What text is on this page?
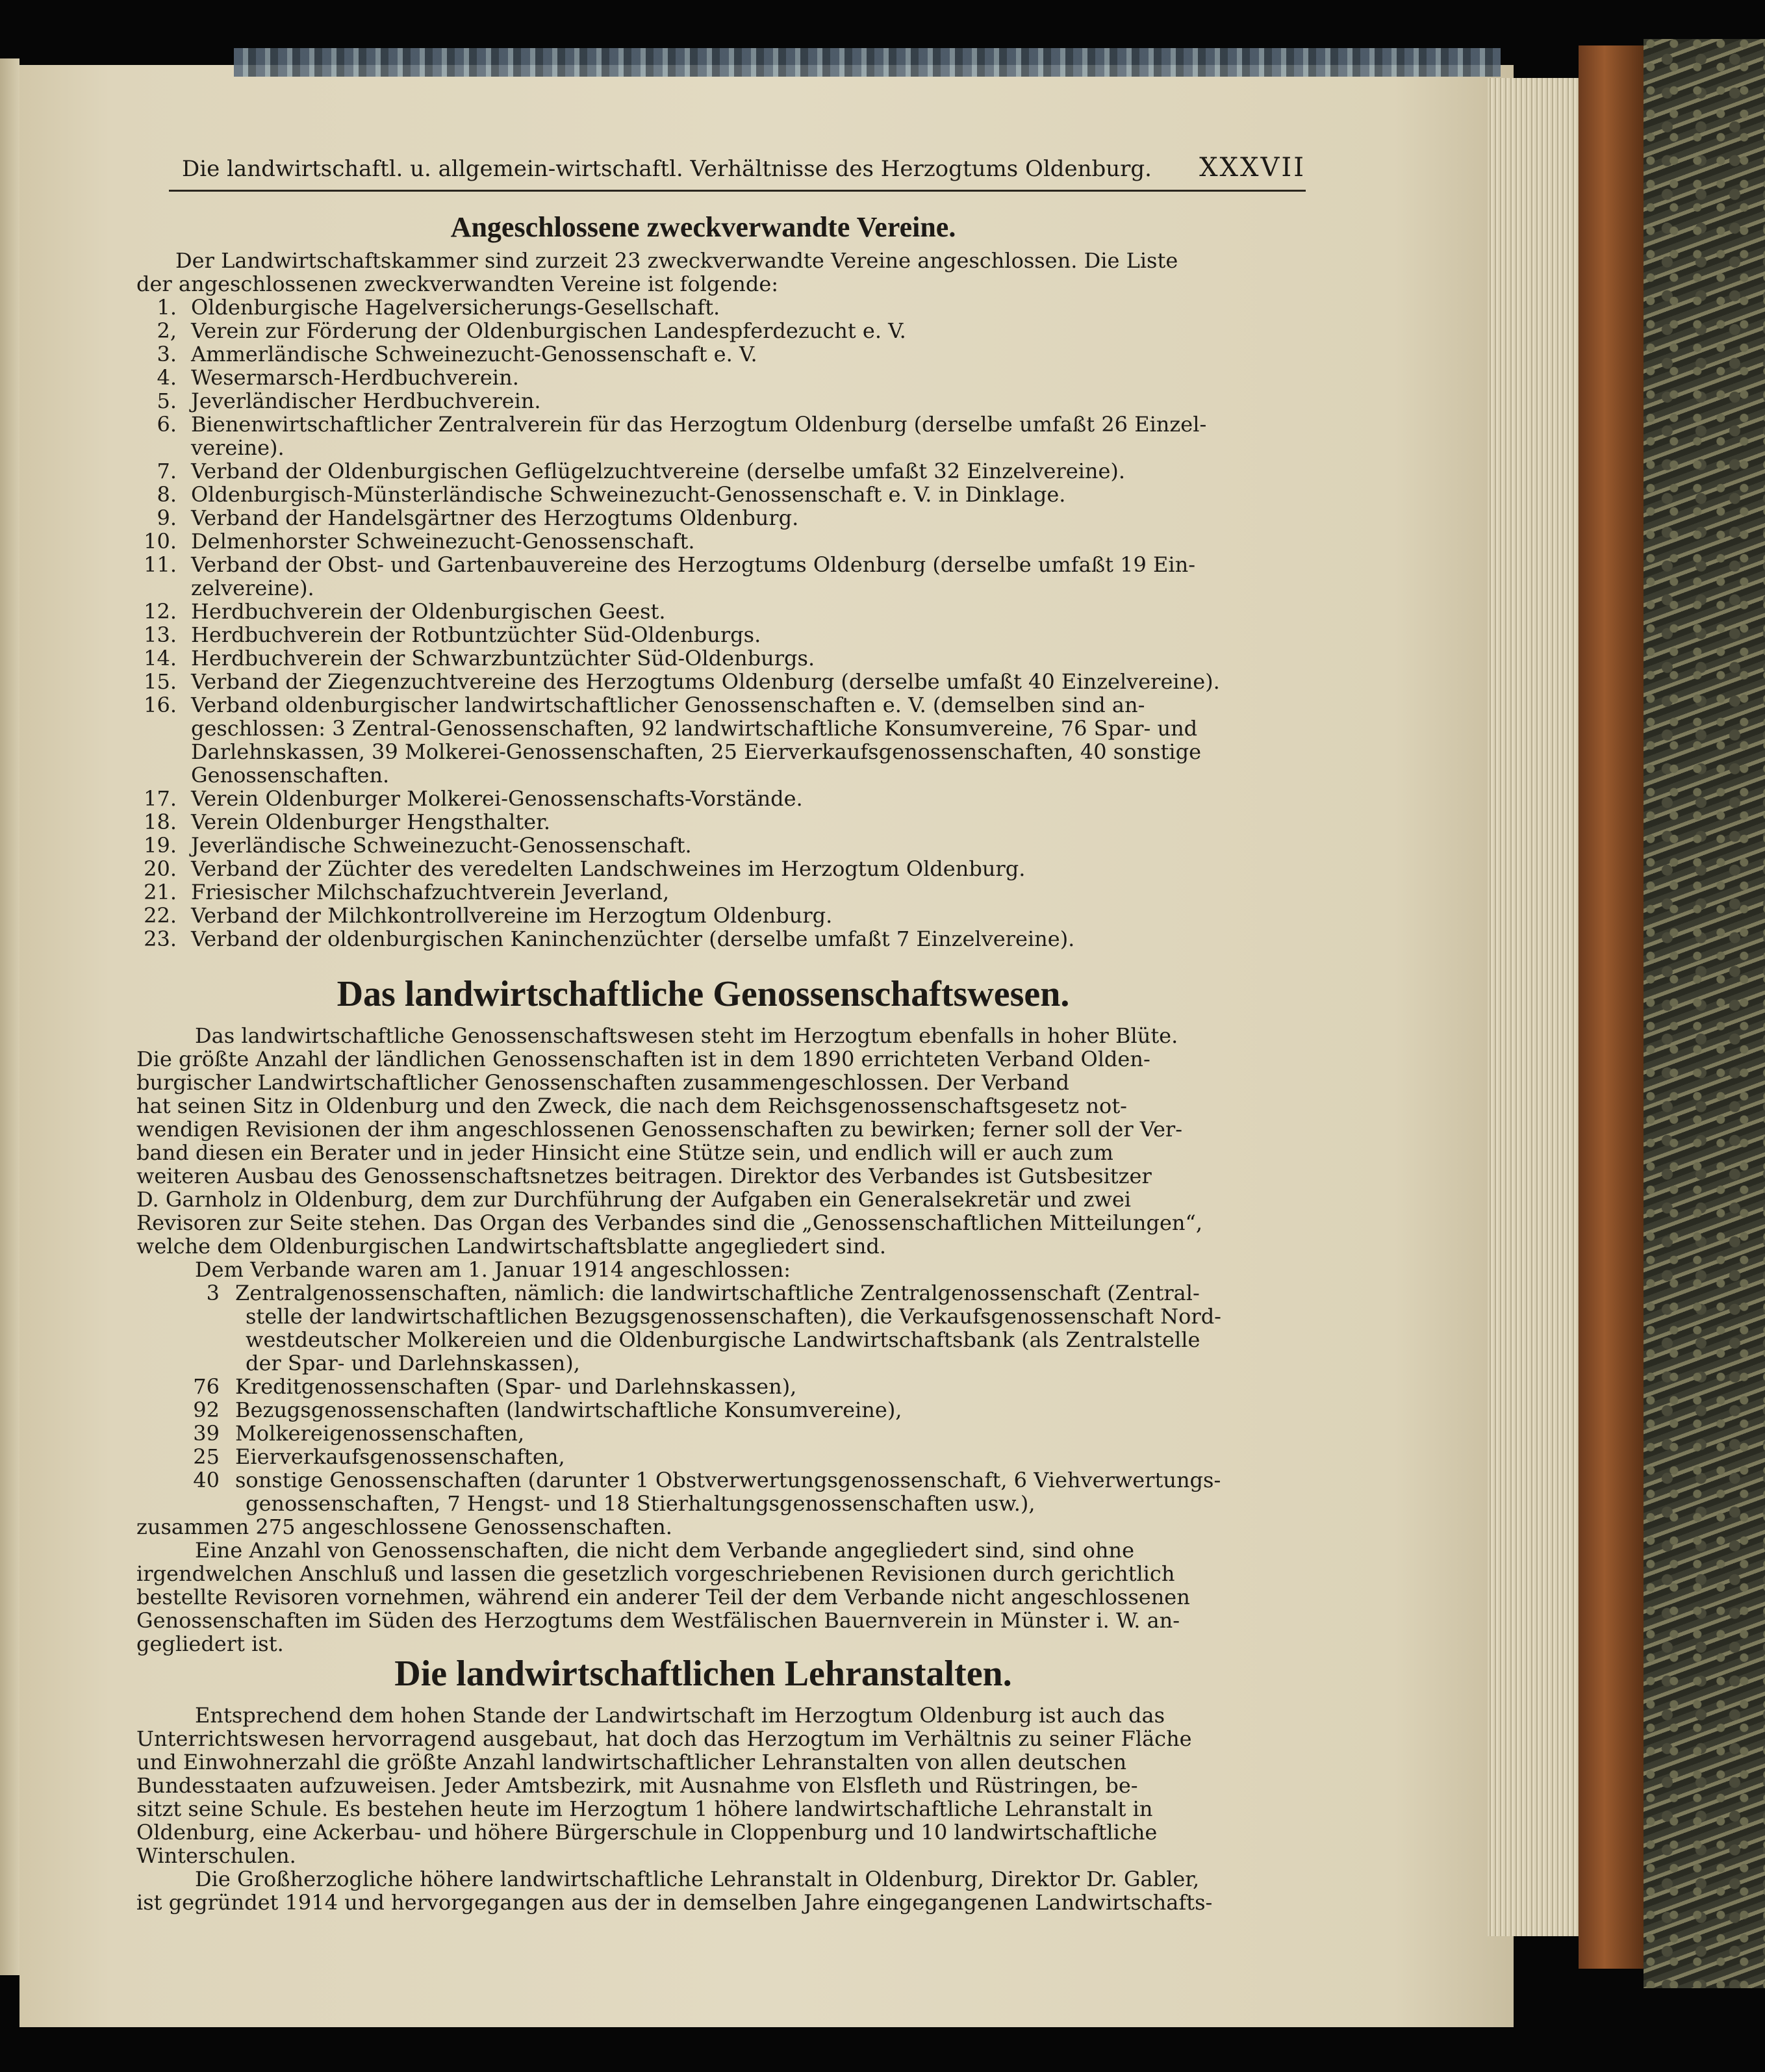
Die landwirtschaftl. u. allgemein-wirtschaftl. Verhältnisse des Herzogtums Oldenburg. XXXVII
Angeschlossene zweckverwandte Vereine.
Der Landwirtschaftskammer sind zurzeit 23 zweckverwandte Vereine angeschlossen. Die Liste
der angeschlossenen zweckverwandten Vereine ist folgende:
1. Oldenburgische Hagelversicherungs-Gesellschaft.
2, Verein zur Förderung der Oldenburgischen Landespferdezucht e. V.
3. Ammerländische Schweinezucht-Genossenschaft e. V.
4. Wesermarsch-Herdbuchverein.
5. Jeverländischer Herdbuchverein.
6. Bienenwirtschaftlicher Zentralverein für das Herzogtum Oldenburg (derselbe umfaßt 26 Einzel-
vereine).
7. Verband der Oldenburgischen Geflügelzuchtvereine (derselbe umfaßt 32 Einzelvereine).
8. Oldenburgisch-Münsterländische Schweinezucht-Genossenschaft e. V. in Dinklage.
9. Verband der Handelsgärtner des Herzogtums Oldenburg.
10. Delmenhorster Schweinezucht-Genossenschaft.
11. Verband der Obst- und Gartenbauvereine des Herzogtums Oldenburg (derselbe umfaßt 19 Ein-
zelvereine).
12. Herdbuchverein der Oldenburgischen Geest.
13. Herdbuchverein der Rotbuntzüchter Süd-Oldenburgs.
14. Herdbuchverein der Schwarzbuntzüchter Süd-Oldenburgs.
15. Verband der Ziegenzuchtvereine des Herzogtums Oldenburg (derselbe umfaßt 40 Einzelvereine).
16. Verband oldenburgischer landwirtschaftlicher Genossenschaften e. V. (demselben sind an-
geschlossen: 3 Zentral-Genossenschaften, 92 landwirtschaftliche Konsumvereine, 76 Spar- und
Darlehnskassen, 39 Molkerei-Genossenschaften, 25 Eierverkaufsgenossenschaften, 40 sonstige
Genossenschaften.
17. Verein Oldenburger Molkerei-Genossenschafts-Vorstände.
18. Verein Oldenburger Hengsthalter.
19. Jeverländische Schweinezucht-Genossenschaft.
20. Verband der Züchter des veredelten Landschweines im Herzogtum Oldenburg.
21. Friesischer Milchschafzuchtverein Jeverland,
22. Verband der Milchkontrollvereine im Herzogtum Oldenburg.
23. Verband der oldenburgischen Kaninchenzüchter (derselbe umfaßt 7 Einzelvereine).
Das landwirtschaftliche Genossenschaftswesen.
Das landwirtschaftliche Genossenschaftswesen steht im Herzogtum ebenfalls in hoher Blüte.
Die größte Anzahl der ländlichen Genossenschaften ist in dem 1890 errichteten Verband Olden-
burgischer Landwirtschaftlicher Genossenschaften zusammengeschlossen. Der Verband
hat seinen Sitz in Oldenburg und den Zweck, die nach dem Reichsgenossenschaftsgesetz not-
wendigen Revisionen der ihm angeschlossenen Genossenschaften zu bewirken; ferner soll der Ver-
band diesen ein Berater und in jeder Hinsicht eine Stütze sein, und endlich will er auch zum
weiteren Ausbau des Genossenschaftsnetzes beitragen. Direktor des Verbandes ist Gutsbesitzer
D. Garnholz in Oldenburg, dem zur Durchführung der Aufgaben ein Generalsekretär und zwei
Revisoren zur Seite stehen. Das Organ des Verbandes sind die „Genossenschaftlichen Mitteilungen“,
welche dem Oldenburgischen Landwirtschaftsblatte angegliedert sind.
Dem Verbande waren am 1. Januar 1914 angeschlossen:
3 Zentralgenossenschaften, nämlich: die landwirtschaftliche Zentralgenossenschaft (Zentral-
stelle der landwirtschaftlichen Bezugsgenossenschaften), die Verkaufsgenossenschaft Nord-
westdeutscher Molkereien und die Oldenburgische Landwirtschaftsbank (als Zentralstelle
der Spar- und Darlehnskassen),
76 Kreditgenossenschaften (Spar- und Darlehnskassen),
92 Bezugsgenossenschaften (landwirtschaftliche Konsumvereine),
39 Molkereigenossenschaften,
25 Eierverkaufsgenossenschaften,
40 sonstige Genossenschaften (darunter 1 Obstverwertungsgenossenschaft, 6 Viehverwertungs-
genossenschaften, 7 Hengst- und 18 Stierhaltungsgenossenschaften usw.),
zusammen 275 angeschlossene Genossenschaften.
Eine Anzahl von Genossenschaften, die nicht dem Verbande angegliedert sind, sind ohne
irgendwelchen Anschluß und lassen die gesetzlich vorgeschriebenen Revisionen durch gerichtlich
bestellte Revisoren vornehmen, während ein anderer Teil der dem Verbande nicht angeschlossenen
Genossenschaften im Süden des Herzogtums dem Westfälischen Bauernverein in Münster i. W. an-
gegliedert ist.
Die landwirtschaftlichen Lehranstalten.
Entsprechend dem hohen Stande der Landwirtschaft im Herzogtum Oldenburg ist auch das
Unterrichtswesen hervorragend ausgebaut, hat doch das Herzogtum im Verhältnis zu seiner Fläche
und Einwohnerzahl die größte Anzahl landwirtschaftlicher Lehranstalten von allen deutschen
Bundesstaaten aufzuweisen. Jeder Amtsbezirk, mit Ausnahme von Elsfleth und Rüstringen, be-
sitzt seine Schule. Es bestehen heute im Herzogtum 1 höhere landwirtschaftliche Lehranstalt in
Oldenburg, eine Ackerbau- und höhere Bürgerschule in Cloppenburg und 10 landwirtschaftliche
Winterschulen.
Die Großherzogliche höhere landwirtschaftliche Lehranstalt in Oldenburg, Direktor Dr. Gabler,
ist gegründet 1914 und hervorgegangen aus der in demselben Jahre eingegangenen Landwirtschafts-
